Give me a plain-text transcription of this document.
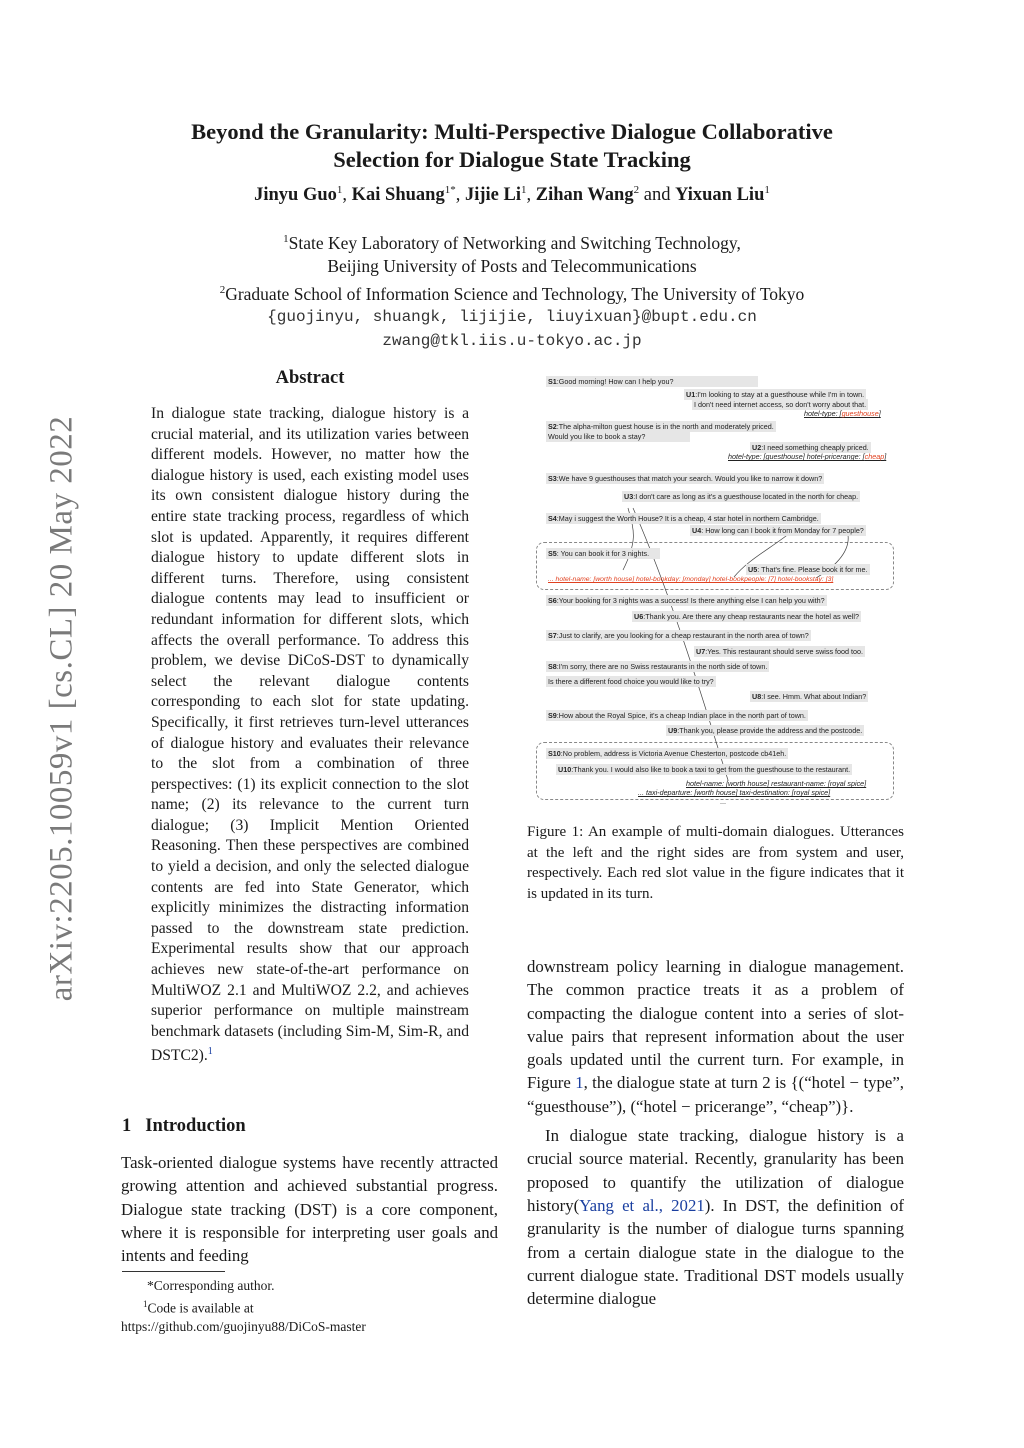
arXiv:2205.10059v1 [cs.CL] 20 May 2022
Beyond the Granularity: Multi-Perspective Dialogue Collaborative
Selection for Dialogue State Tracking
Jinyu Guo$^1$, Kai Shuang$^{1*}$, Jijie Li$^1$, Zihan Wang$^2$ and Yixuan Liu$^1$
$^1$State Key Laboratory of Networking and Switching Technology,
Beijing University of Posts and Telecommunications
$^2$Graduate School of Information Science and Technology, The University of Tokyo
{guojinyu, shuangk, lijijie, liuyixuan}@bupt.edu.cn
zwang@tkl.iis.u-tokyo.ac.jp
Abstract
In dialogue state tracking, dialogue history is a crucial material, and its utilization varies between different models. However, no matter how the dialogue history is used, each existing model uses its own consistent dialogue history during the entire state tracking process, regardless of which slot is updated. Apparently, it requires different dialogue history to update different slots in different turns. Therefore, using consistent dialogue contents may lead to insufficient or redundant information for different slots, which affects the overall performance. To address this problem, we devise DiCoS-DST to dynamically select the relevant dialogue contents corresponding to each slot for state updating. Specifically, it first retrieves turn-level utterances of dialogue history and evaluates their relevance to the slot from a combination of three perspectives: (1) its explicit connection to the slot name; (2) its relevance to the current turn dialogue; (3) Implicit Mention Oriented Reasoning. Then these perspectives are combined to yield a decision, and only the selected dialogue contents are fed into State Generator, which explicitly minimizes the distracting information passed to the downstream state prediction. Experimental results show that our approach achieves new state-of-the-art performance on MultiWOZ 2.1 and MultiWOZ 2.2, and achieves superior performance on multiple mainstream benchmark datasets (including Sim-M, Sim-R, and DSTC2).$^1$
1 Introduction
Task-oriented dialogue systems have recently attracted growing attention and achieved substantial progress. Dialogue state tracking (DST) is a core component, where it is responsible for interpreting user goals and intents and feeding
*Corresponding author.
$^1$Code is available at
https://github.com/guojinyu88/DiCoS-master
S1:Good morning! How can I help you?
U1:I'm looking to stay at a guesthouse while I'm in town.
I don't need internet access, so don't worry about that.
hotel-type: [guesthouse]
S2:The alpha-milton guest house is in the north and moderately priced.
Would you like to book a stay?
U2:I need something cheaply priced.
hotel-type: [guesthouse] hotel-pricerange: [cheap]
S3:We have 9 guesthouses that match your search. Would you like to narrow it down?
U3:I don't care as long as it's a guesthouse located in the north for cheap.
S4:May i suggest the Worth House? It is a cheap, 4 star hotel in northern Cambridge.
U4: How long can I book it from Monday for 7 people?
S5: You can book it for 3 nights.
U5: That's fine. Please book it for me.
... hotel-name: [worth house] hotel-bookday: [monday] hotel-bookpeople: [7] hotel-bookstay: [3]
S6:Your booking for 3 nights was a success! Is there anything else I can help you with?
U6:Thank you. Are there any cheap restaurants near the hotel as well?
S7:Just to clarify, are you looking for a cheap restaurant in the north area of town?
U7:Yes. This restaurant should serve swiss food too.
S8:I'm sorry, there are no Swiss restaurants in the north side of town.
Is there a different food choice you would like to try?
U8:I see. Hmm. What about Indian?
S9:How about the Royal Spice, it's a cheap Indian place in the north part of town.
U9:Thank you, please provide the address and the postcode.
S10:No problem, address is Victoria Avenue Chesterton, postcode cb41eh.
U10:Thank you. I would also like to book a taxi to get from the guesthouse to the restaurant.
hotel-name: [worth house] restaurant-name: [royal spice]
... taxi-departure: [worth house] taxi-destination: [royal spice]
...
Figure 1: An example of multi-domain dialogues. Utterances at the left and the right sides are from system and user, respectively. Each red slot value in the figure indicates that it is updated in its turn.
downstream policy learning in dialogue management. The common practice treats it as a problem of compacting the dialogue content into a series of slot-value pairs that represent information about the user goals updated until the current turn. For example, in Figure 1, the dialogue state at turn 2 is {(“hotel − type”, “guesthouse”), (“hotel − pricerange”, “cheap”)}.
In dialogue state tracking, dialogue history is a crucial source material. Recently, granularity has been proposed to quantify the utilization of dialogue history(Yang et al., 2021). In DST, the definition of granularity is the number of dialogue turns spanning from a certain dialogue state in the dialogue to the current dialogue state. Traditional DST models usually determine dialogue
